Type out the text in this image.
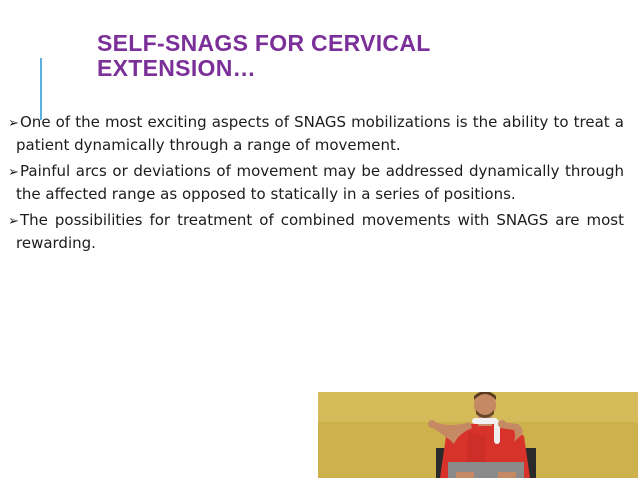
SELF-SNAGS FOR CERVICAL EXTENSION…

➢One of the most exciting aspects of SNAGS mobilizations is the ability to treat a patient dynamically through a range of movement.

➢Painful arcs or deviations of movement may be addressed dynamically through the affected range as opposed to statically in a series of positions.

➢The possibilities for treatment of combined movements with SNAGS are most rewarding.
